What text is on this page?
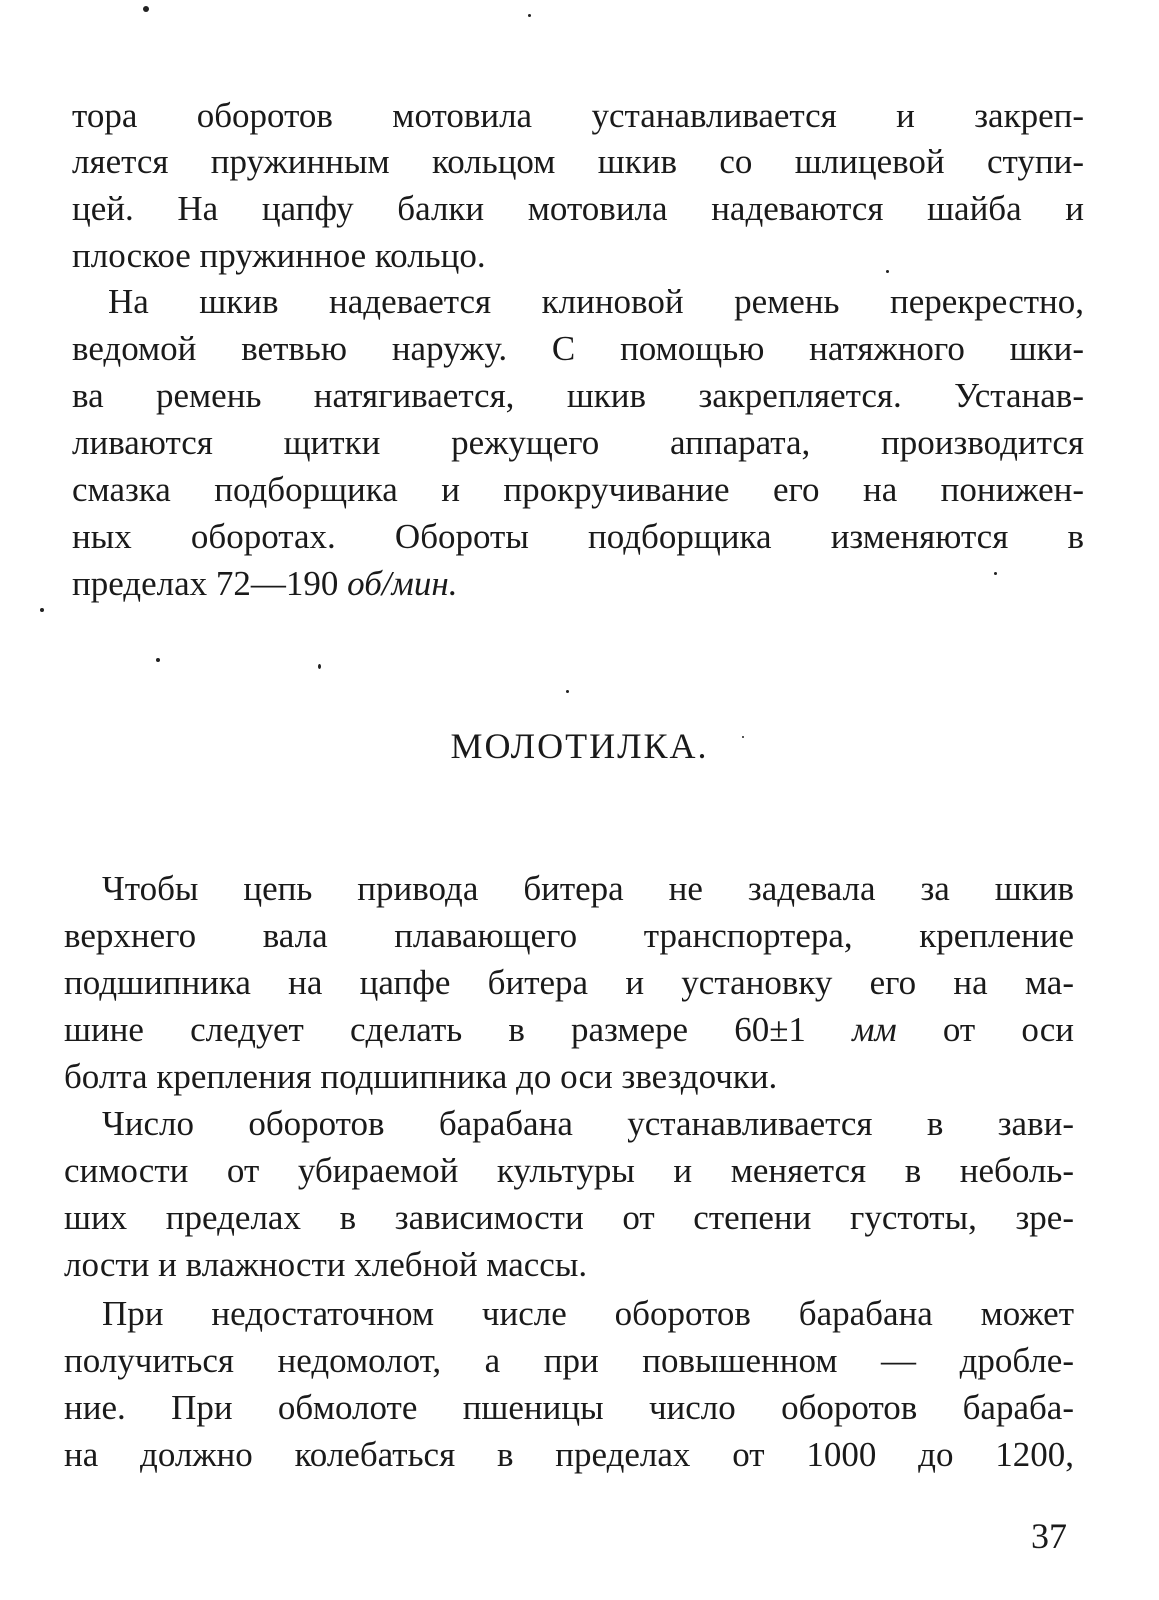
тора оборотов мотовила устанавливается и закреп-
ляется пружинным кольцом шкив со шлицевой ступи-
цей. На цапфу балки мотовила надеваются шайба и
плоское пружинное кольцо.
На шкив надевается клиновой ремень перекрестно,
ведомой ветвью наружу. С помощью натяжного шки-
ва ремень натягивается, шкив закрепляется. Устанав-
ливаются щитки режущего аппарата, производится
смазка подборщика и прокручивание его на понижен-
ных оборотах. Обороты подборщика изменяются в
пределах 72—190 об/мин.
МОЛОТИЛКА.
Чтобы цепь привода битера не задевала за шкив
верхнего вала плавающего транспортера, крепление
подшипника на цапфе битера и установку его на ма-
шине следует сделать в размере 60±1 мм от оси
болта крепления подшипника до оси звездочки.
Число оборотов барабана устанавливается в зави-
симости от убираемой культуры и меняется в неболь-
ших пределах в зависимости от степени густоты, зре-
лости и влажности хлебной массы.
При недостаточном числе оборотов барабана может
получиться недомолот, а при повышенном — дробле-
ние. При обмолоте пшеницы число оборотов бараба-
на должно колебаться в пределах от 1000 до 1200,
37
